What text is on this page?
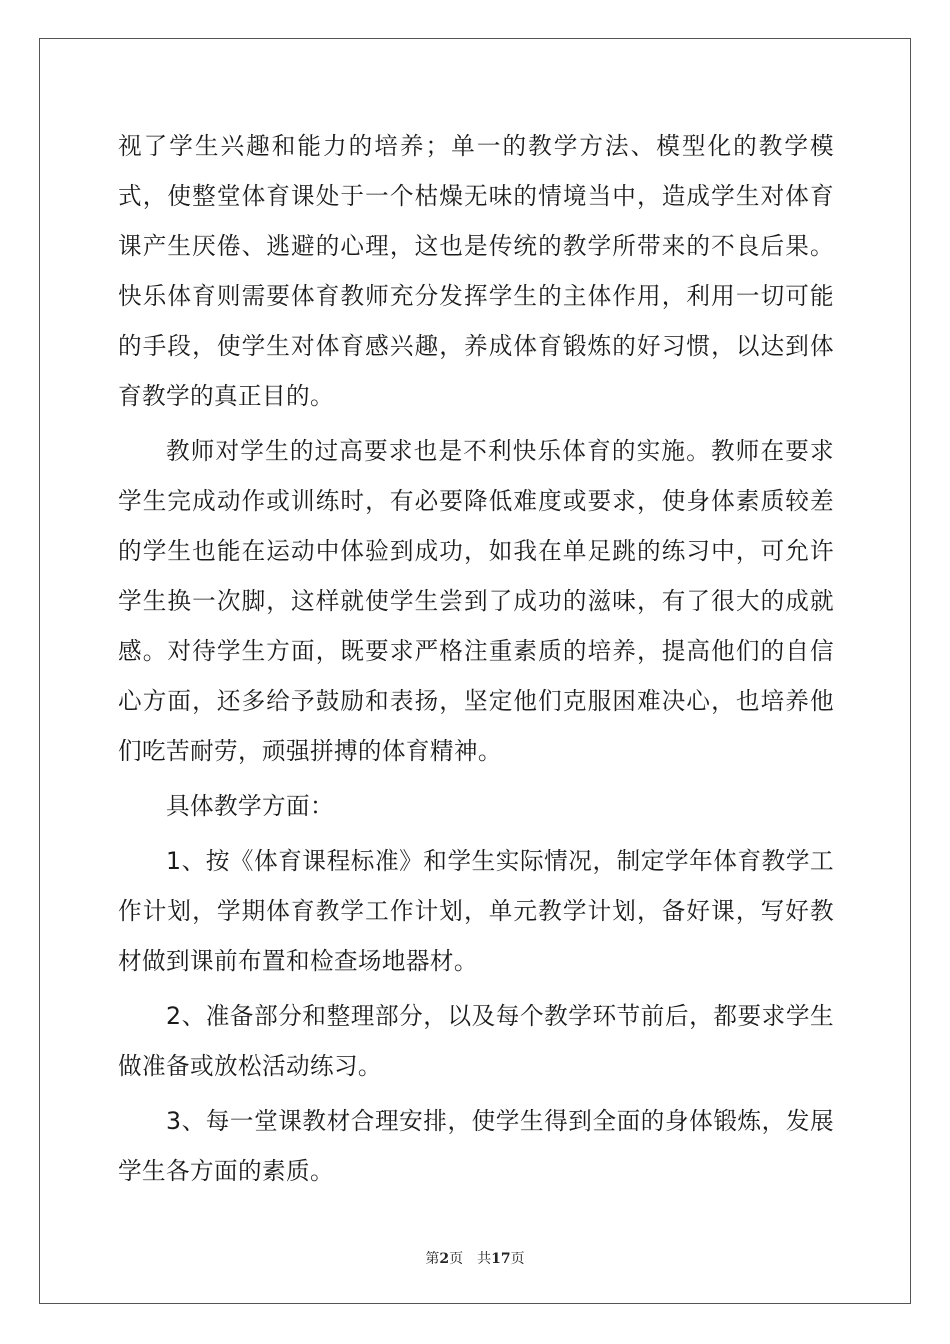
视了学生兴趣和能力的培养；单一的教学方法、模型化的教学模式，使整堂体育课处于一个枯燥无味的情境当中，造成学生对体育课产生厌倦、逃避的心理，这也是传统的教学所带来的不良后果。快乐体育则需要体育教师充分发挥学生的主体作用，利用一切可能的手段，使学生对体育感兴趣，养成体育锻炼的好习惯，以达到体育教学的真正目的。

教师对学生的过高要求也是不利快乐体育的实施。教师在要求学生完成动作或训练时，有必要降低难度或要求，使身体素质较差的学生也能在运动中体验到成功，如我在单足跳的练习中，可允许学生换一次脚，这样就使学生尝到了成功的滋味，有了很大的成就感。对待学生方面，既要求严格注重素质的培养，提高他们的自信心方面，还多给予鼓励和表扬，坚定他们克服困难决心，也培养他们吃苦耐劳，顽强拼搏的体育精神。

具体教学方面：

1、按《体育课程标准》和学生实际情况，制定学年体育教学工作计划，学期体育教学工作计划，单元教学计划，备好课，写好教材做到课前布置和检查场地器材。

2、准备部分和整理部分，以及每个教学环节前后，都要求学生做准备或放松活动练习。

3、每一堂课教材合理安排，使学生得到全面的身体锻炼，发展学生各方面的素质。

第2页 共17页
